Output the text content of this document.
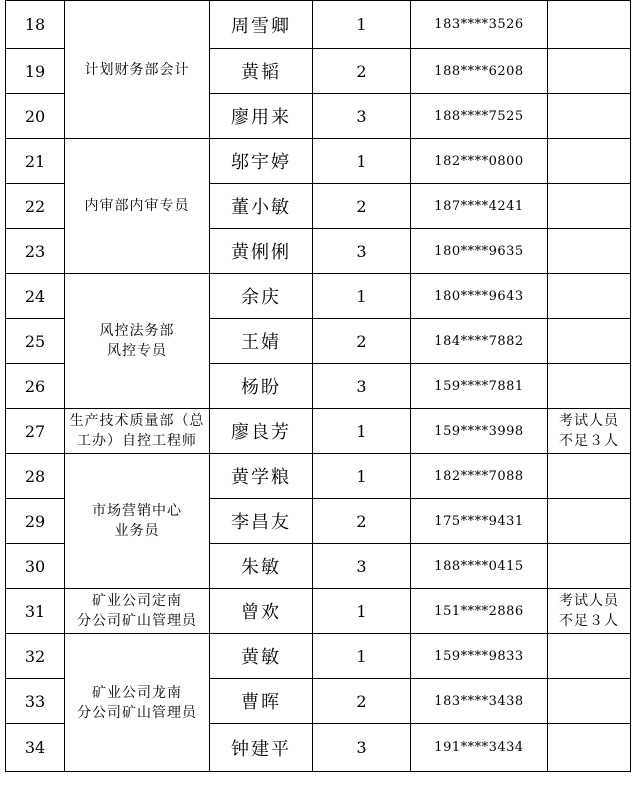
18	计划财务部会计	周雪卿	1	183****3526	
19		黄韬	2	188****6208	
20		廖用来	3	188****7525	
21	内审部内审专员	邬宇婷	1	182****0800	
22		董小敏	2	187****4241	
23		黄俐俐	3	180****9635	
24	风控法务部
风控专员	余庆	1	180****9643	
25		王婧	2	184****7882	
26		杨盼	3	159****7881	
27	生产技术质量部（总
工办）自控工程师	廖良芳	1	159****3998	考试人员
不足３人
28	市场营销中心
业务员	黄学粮	1	182****7088	
29		李昌友	2	175****9431	
30		朱敏	3	188****0415	
31	矿业公司定南
分公司矿山管理员	曾欢	1	151****2886	考试人员
不足３人
32	矿业公司龙南
分公司矿山管理员	黄敏	1	159****9833	
33		曹晖	2	183****3438	
34		钟建平	3	191****3434	
